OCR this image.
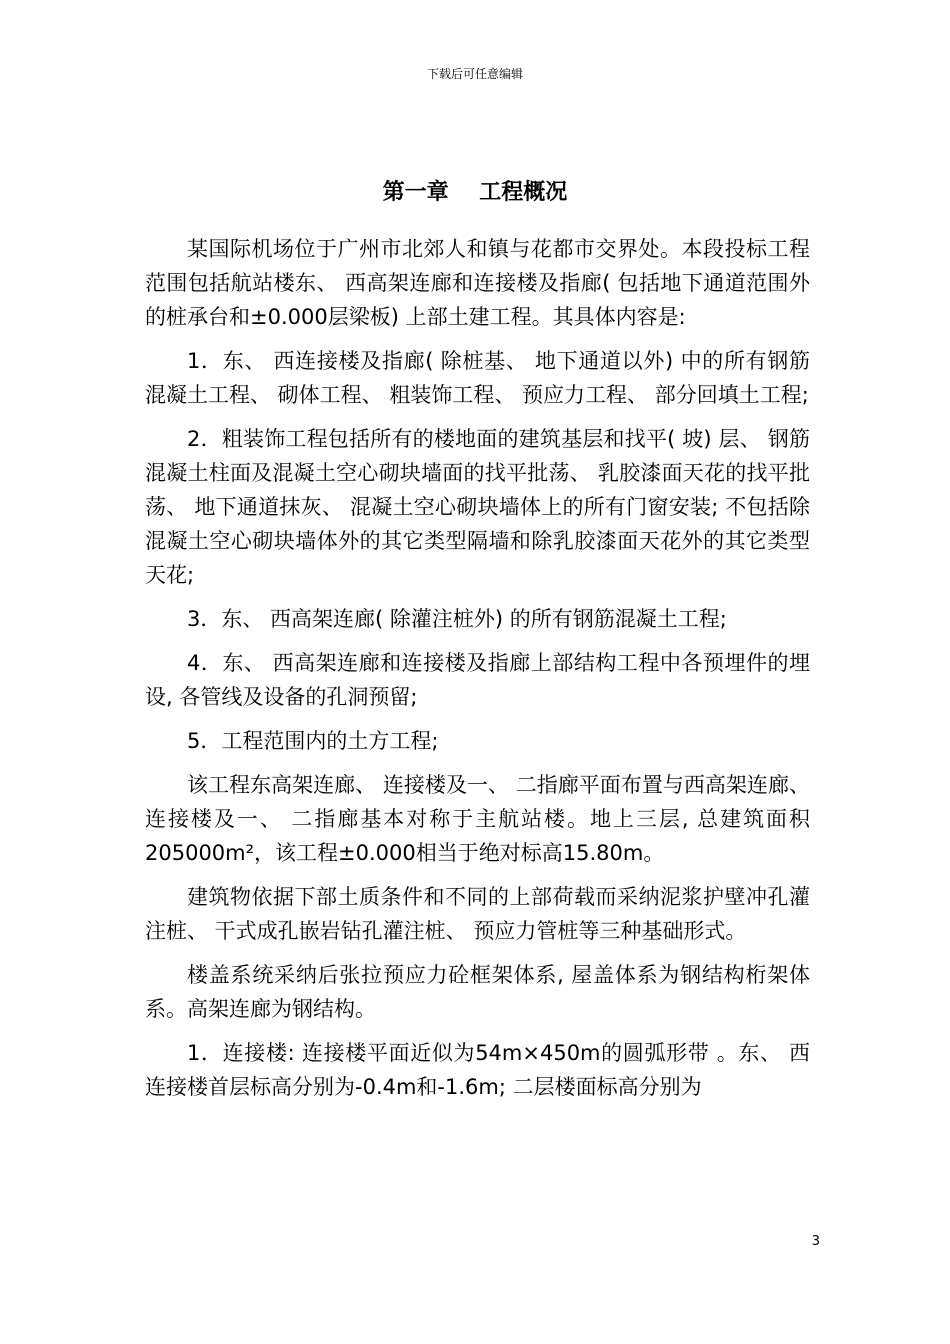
下载后可任意编辑
第一章    工程概况

某国际机场位于广州市北郊人和镇与花都市交界处。本段投标工程范围包括航站楼东、 西高架连廊和连接楼及指廊( 包括地下通道范围外的桩承台和±0.000层梁板) 上部土建工程。其具体内容是:

1．东、 西连接楼及指廊( 除桩基、 地下通道以外) 中的所有钢筋混凝土工程、 砌体工程、 粗装饰工程、 预应力工程、 部分回填土工程;

2．粗装饰工程包括所有的楼地面的建筑基层和找平( 坡) 层、 钢筋混凝土柱面及混凝土空心砌块墙面的找平批荡、 乳胶漆面天花的找平批荡、 地下通道抹灰、 混凝土空心砌块墙体上的所有门窗安装; 不包括除混凝土空心砌块墙体外的其它类型隔墙和除乳胶漆面天花外的其它类型天花;

3．东、 西高架连廊( 除灌注桩外) 的所有钢筋混凝土工程;

4．东、 西高架连廊和连接楼及指廊上部结构工程中各预埋件的埋设, 各管线及设备的孔洞预留;

5．工程范围内的土方工程;

该工程东高架连廊、 连接楼及一、 二指廊平面布置与西高架连廊、 连接楼及一、 二指廊基本对称于主航站楼。地上三层, 总建筑面积205000m²，该工程±0.000相当于绝对标高15.80m。

建筑物依据下部土质条件和不同的上部荷载而采纳泥浆护壁冲孔灌注桩、 干式成孔嵌岩钻孔灌注桩、 预应力管桩等三种基础形式。

楼盖系统采纳后张拉预应力砼框架体系, 屋盖体系为钢结构桁架体系。高架连廊为钢结构。

1．连接楼: 连接楼平面近似为54m×450m的圆弧形带 。东、 西连接楼首层标高分别为-0.4m和-1.6m; 二层楼面标高分别为

3
